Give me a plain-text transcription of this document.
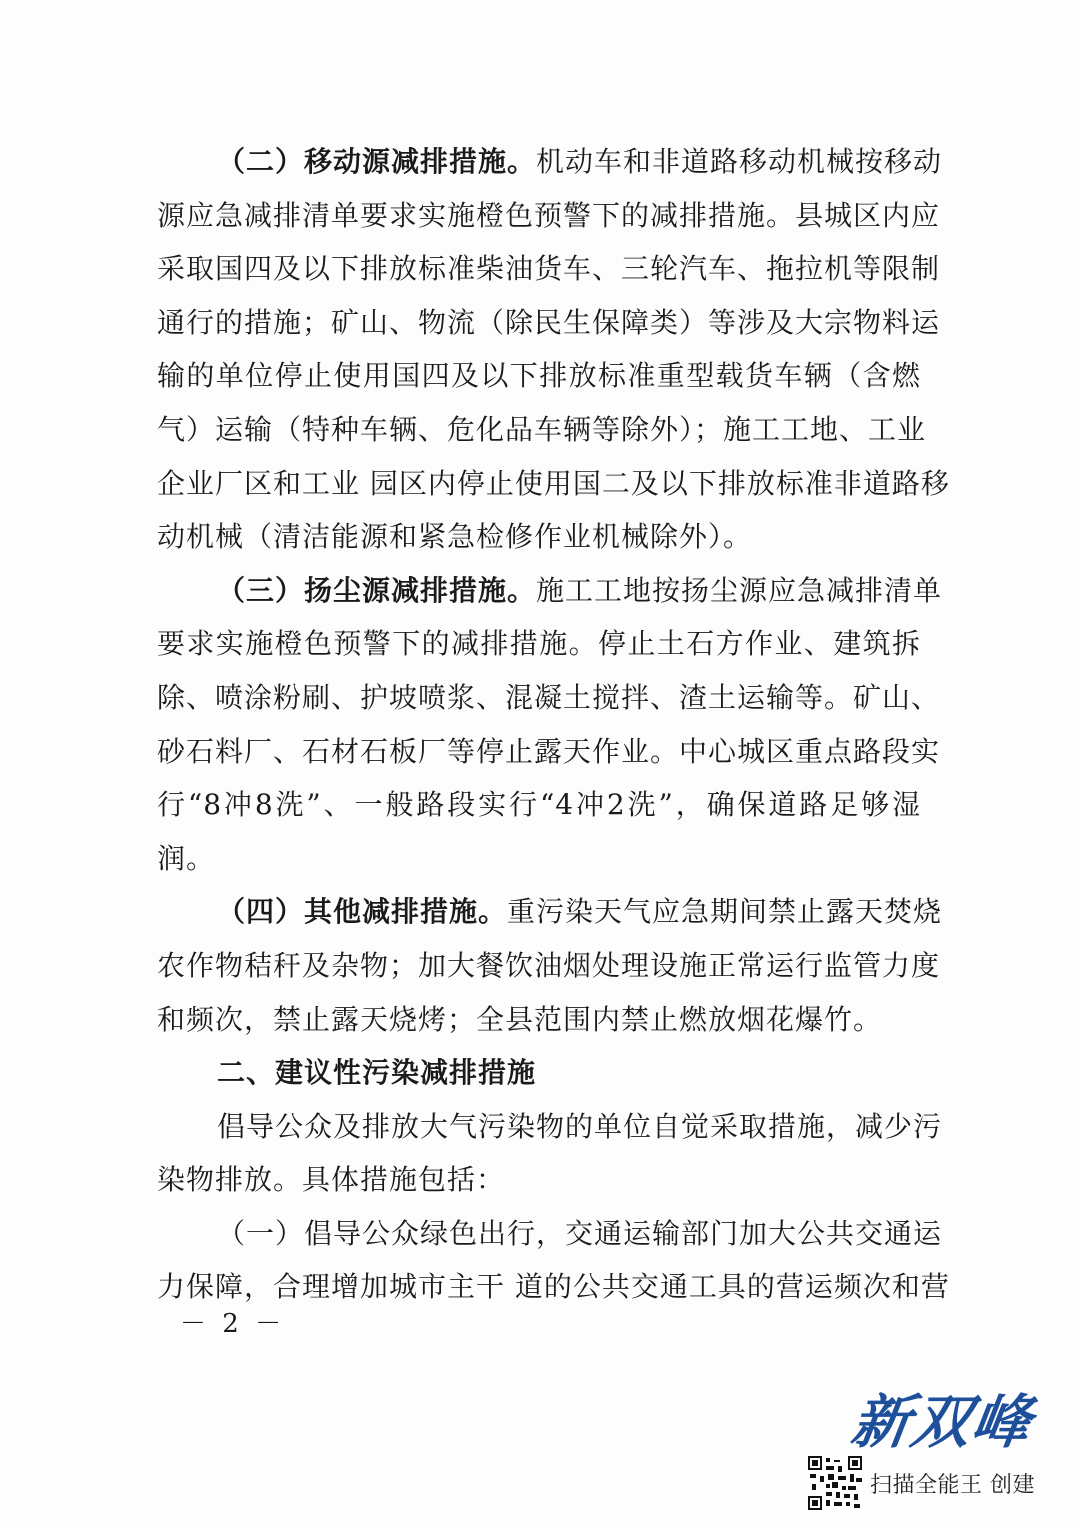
（二）移动源减排措施。机动车和非道路移动机械按移动
源应急减排清单要求实施橙色预警下的减排措施。县城区内应
采取国四及以下排放标准柴油货车、三轮汽车、拖拉机等限制
通行的措施；矿山、物流（除民生保障类）等涉及大宗物料运
输的单位停止使用国四及以下排放标准重型载货车辆（含燃
气）运输（特种车辆、危化品车辆等除外）；施工工地、工业
企业厂区和工业 园区内停止使用国二及以下排放标准非道路移
动机械（清洁能源和紧急检修作业机械除外）。
（三）扬尘源减排措施。施工工地按扬尘源应急减排清单
要求实施橙色预警下的减排措施。停止土石方作业、建筑拆
除、喷涂粉刷、护坡喷浆、混凝土搅拌、渣土运输等。矿山、
砂石料厂、石材石板厂等停止露天作业。中心城区重点路段实
行“8冲8洗”、一般路段实行“4冲2洗”，确保道路足够湿
润。
（四）其他减排措施。重污染天气应急期间禁止露天焚烧
农作物秸秆及杂物；加大餐饮油烟处理设施正常运行监管力度
和频次，禁止露天烧烤；全县范围内禁止燃放烟花爆竹。
二、建议性污染减排措施
倡导公众及排放大气污染物的单位自觉采取措施，减少污
染物排放。具体措施包括：
（一）倡导公众绿色出行，交通运输部门加大公共交通运
力保障，合理增加城市主干 道的公共交通工具的营运频次和营
－ 2 －
新双峰
扫描全能王 创建
